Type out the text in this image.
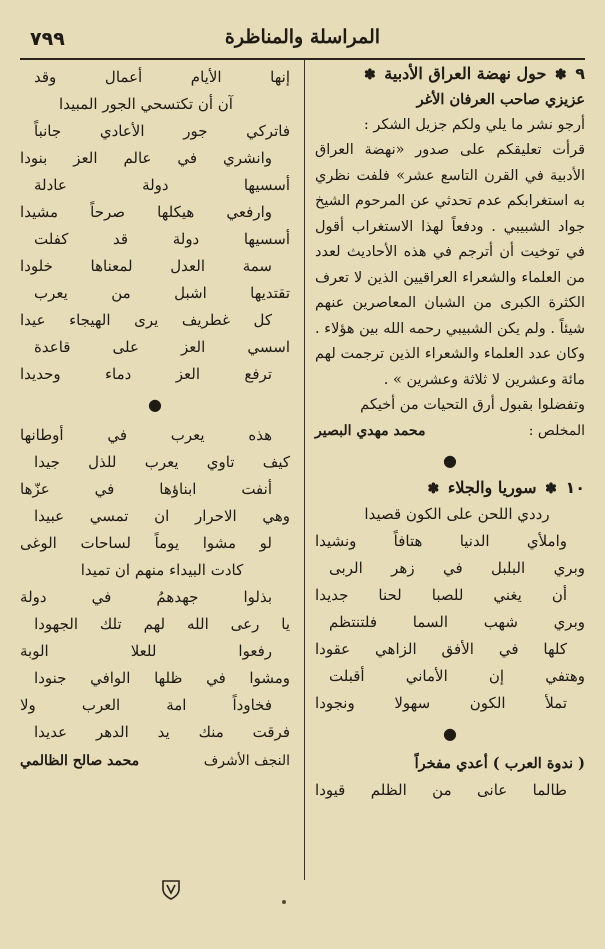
المراسلة والمناظرة
٧٩٩
٩ ✽ حول نهضة العراق الأدبية ✽

عزيزي صاحب العرفان الأغر

أرجو نشر ما يلي ولكم جزيل الشكر :

قرأت تعليقكم على صدور «نهضة العراق الأدبية في القرن التاسع عشر» فلفت نظري به استغرابكم عدم تحدثي عن المرحوم الشيخ جواد الشبيبي . ودفعاً لهذا الاستغراب أقول في توخيت أن أترجم في هذه الأحاديث لعدد من العلماء والشعراء العراقيين الذين لا تعرف الكثرة الكبرى من الشبان المعاصرين عنهم شيئاً . ولم يكن الشبيبي رحمه الله بين هؤلاء . وكان عدد العلماء والشعراء الذين ترجمت لهم مائة وعشرين لا ثلاثة وعشرين » .

وتفضلوا بقبول أرق التحيات من أخيكم

المخلص :
محمد مهدي البصير
●
١٠ ✽ سوريا والجلاء ✽
رددي اللحن على الكون قصيدا
واملأي
الدنيا
هتافاً
ونشيدا
وبري
البلبل
في
زهر
الربى
أن
يغني
للصبا
لحنا
جديدا
وبري
شهب
السما
فلتنتظم
كلها
في
الأفق
الزاهي
عقودا
وهتفي
إن
الأماني
أقبلت
تملأ
الكون
سهولا
ونجودا
●
( ندوة العرب ) أعدي مفخراً
طالما
عانى
من
الظلم
قيودا
إنها
الأيام
أعمال
وقد
آن أن تكتسحي الجور المبيدا
فاتركي
جور
الأعادي
جانباً
وانشري
في
عالم
العز
بنودا
أسسيها
دولة
عادلة
وارفعي
هيكلها
صرحاً
مشيدا
أسسيها
دولة
قد
كفلت
سمة
العدل
لمعناها
خلودا
تقتديها
اشبل
من
يعرب
كل
غطريف
يرى
الهيجاء
عيدا
اسسي
العز
على
قاعدة
ترفع
العز
دماء
وحديدا
●
هذه
يعرب
في
أوطانها
كيف
تاوي
يعرب
للذل
جيدا
أنفت
ابناؤها
في
عزّها
وهي
الاحرار
ان
تمسي
عبيدا
لو
مشوا
يوماً
لساحات
الوغى
كادت البيداء منهم ان تميدا
بذلوا
جهدهمُ
في
دولة
يا
رعى
الله
لهم
تلك
الجهودا
رفعوا
للعلا
الوبة
ومشوا
في
ظلها
الوافي
جنودا
فخاوداً
امة
العرب
ولا
فرقت
منك
يد
الدهر
عديدا
النجف الأشرف
محمد صالح الظالمي
